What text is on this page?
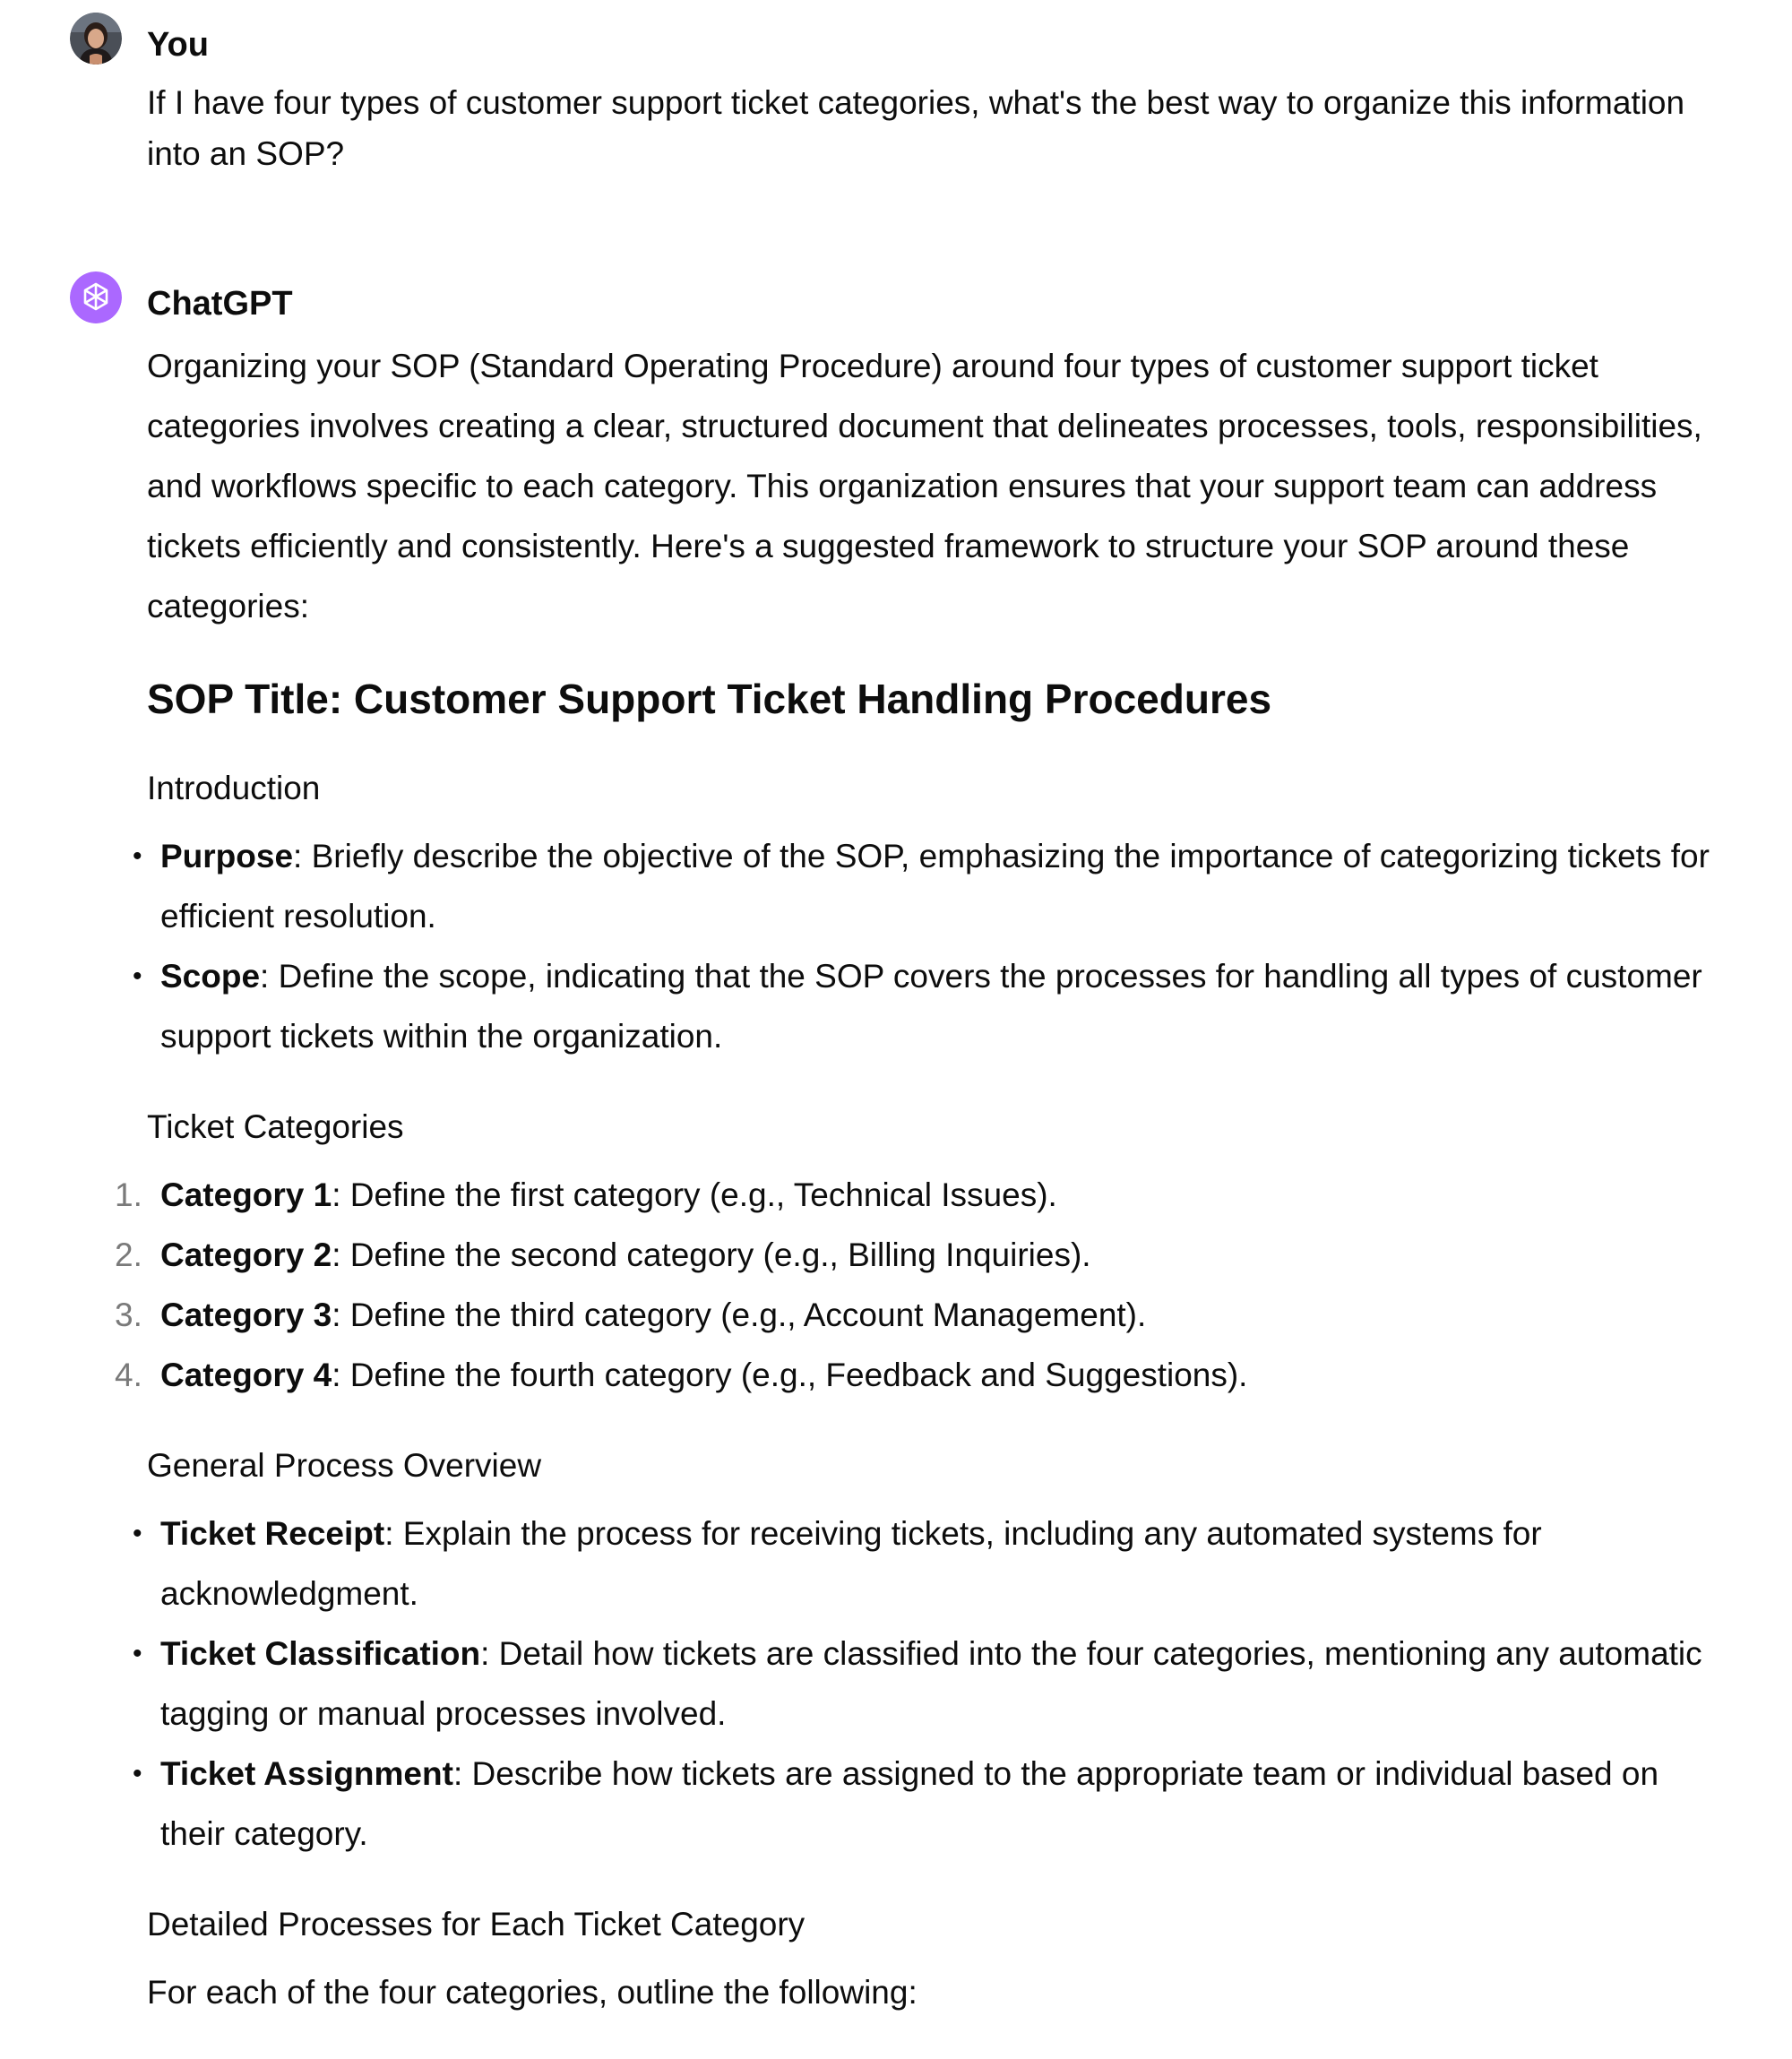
You
If I have four types of customer support ticket categories, what's the best way to organize this information into an SOP?
ChatGPT

Organizing your SOP (Standard Operating Procedure) around four types of customer support ticket categories involves creating a clear, structured document that delineates processes, tools, responsibilities, and workflows specific to each category. This organization ensures that your support team can address tickets efficiently and consistently. Here's a suggested framework to structure your SOP around these categories:

SOP Title: Customer Support Ticket Handling Procedures

Introduction

• Purpose: Briefly describe the objective of the SOP, emphasizing the importance of categorizing tickets for efficient resolution.
• Scope: Define the scope, indicating that the SOP covers the processes for handling all types of customer support tickets within the organization.

Ticket Categories

1. Category 1: Define the first category (e.g., Technical Issues).
2. Category 2: Define the second category (e.g., Billing Inquiries).
3. Category 3: Define the third category (e.g., Account Management).
4. Category 4: Define the fourth category (e.g., Feedback and Suggestions).

General Process Overview

• Ticket Receipt: Explain the process for receiving tickets, including any automated systems for acknowledgment.
• Ticket Classification: Detail how tickets are classified into the four categories, mentioning any automatic tagging or manual processes involved.
• Ticket Assignment: Describe how tickets are assigned to the appropriate team or individual based on their category.

Detailed Processes for Each Ticket Category

For each of the four categories, outline the following:
